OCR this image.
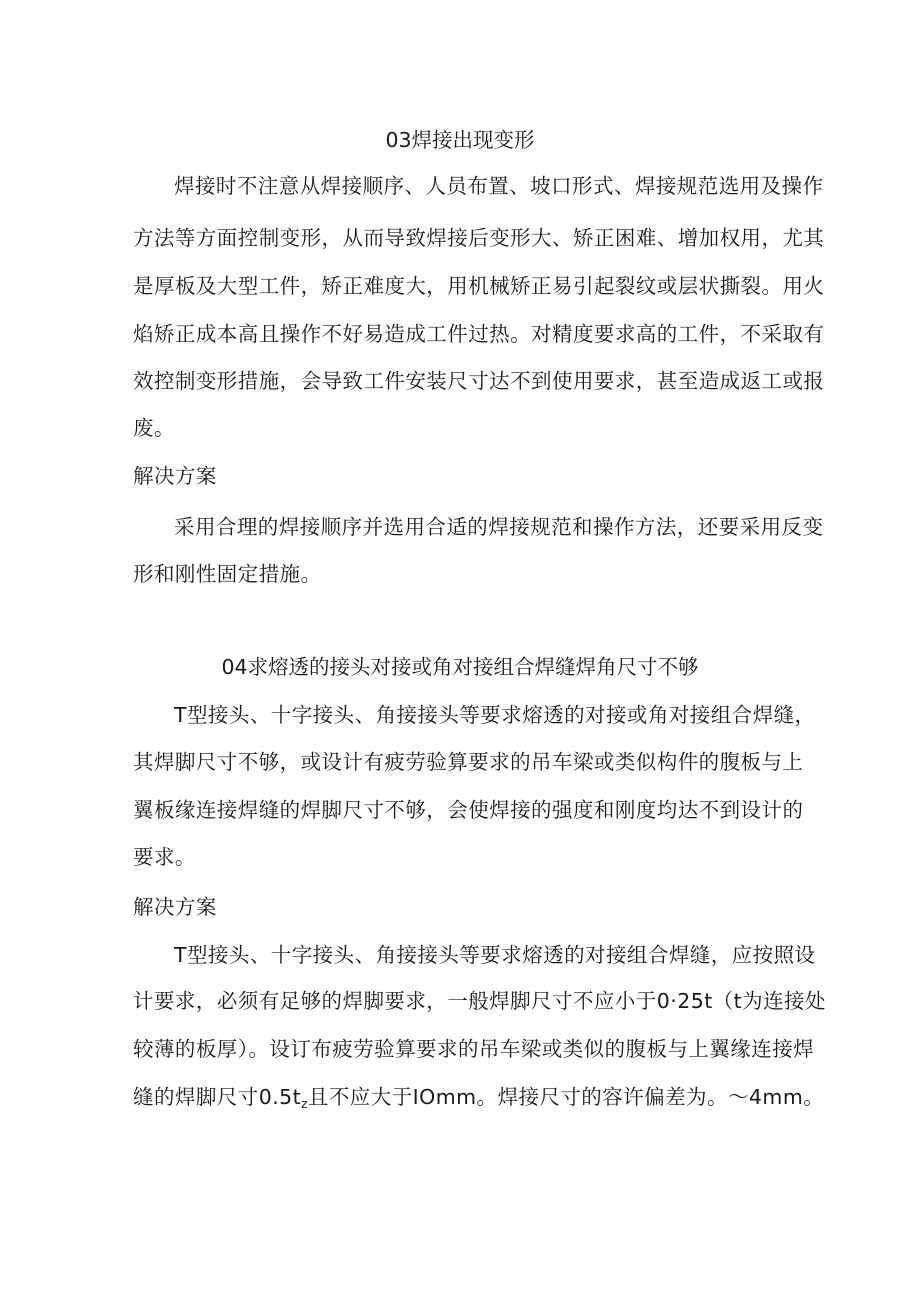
03焊接出现变形
焊接时不注意从焊接顺序、人员布置、坡口形式、焊接规范选用及操作
方法等方面控制变形，从而导致焊接后变形大、矫正困难、增加权用，尤其
是厚板及大型工件，矫正难度大，用机械矫正易引起裂纹或层状撕裂。用火
焰矫正成本高且操作不好易造成工件过热。对精度要求高的工件，不采取有
效控制变形措施，会导致工件安装尺寸达不到使用要求，甚至造成返工或报
废。
解决方案
采用合理的焊接顺序并选用合适的焊接规范和操作方法，还要采用反变
形和刚性固定措施。
04求熔透的接头对接或角对接组合焊缝焊角尺寸不够
T型接头、十字接头、角接接头等要求熔透的对接或角对接组合焊缝，
其焊脚尺寸不够，或设计有疲劳验算要求的吊车梁或类似构件的腹板与上
翼板缘连接焊缝的焊脚尺寸不够，会使焊接的强度和刚度均达不到设计的
要求。
解决方案
T型接头、十字接头、角接接头等要求熔透的对接组合焊缝，应按照设
计要求，必须有足够的焊脚要求，一般焊脚尺寸不应小于0·25t（t为连接处
较薄的板厚）。设订布疲劳验算要求的吊车梁或类似的腹板与上翼缘连接焊
缝的焊脚尺寸$0.5t_z$且不应大于IOmm。焊接尺寸的容许偏差为。～4mm。
